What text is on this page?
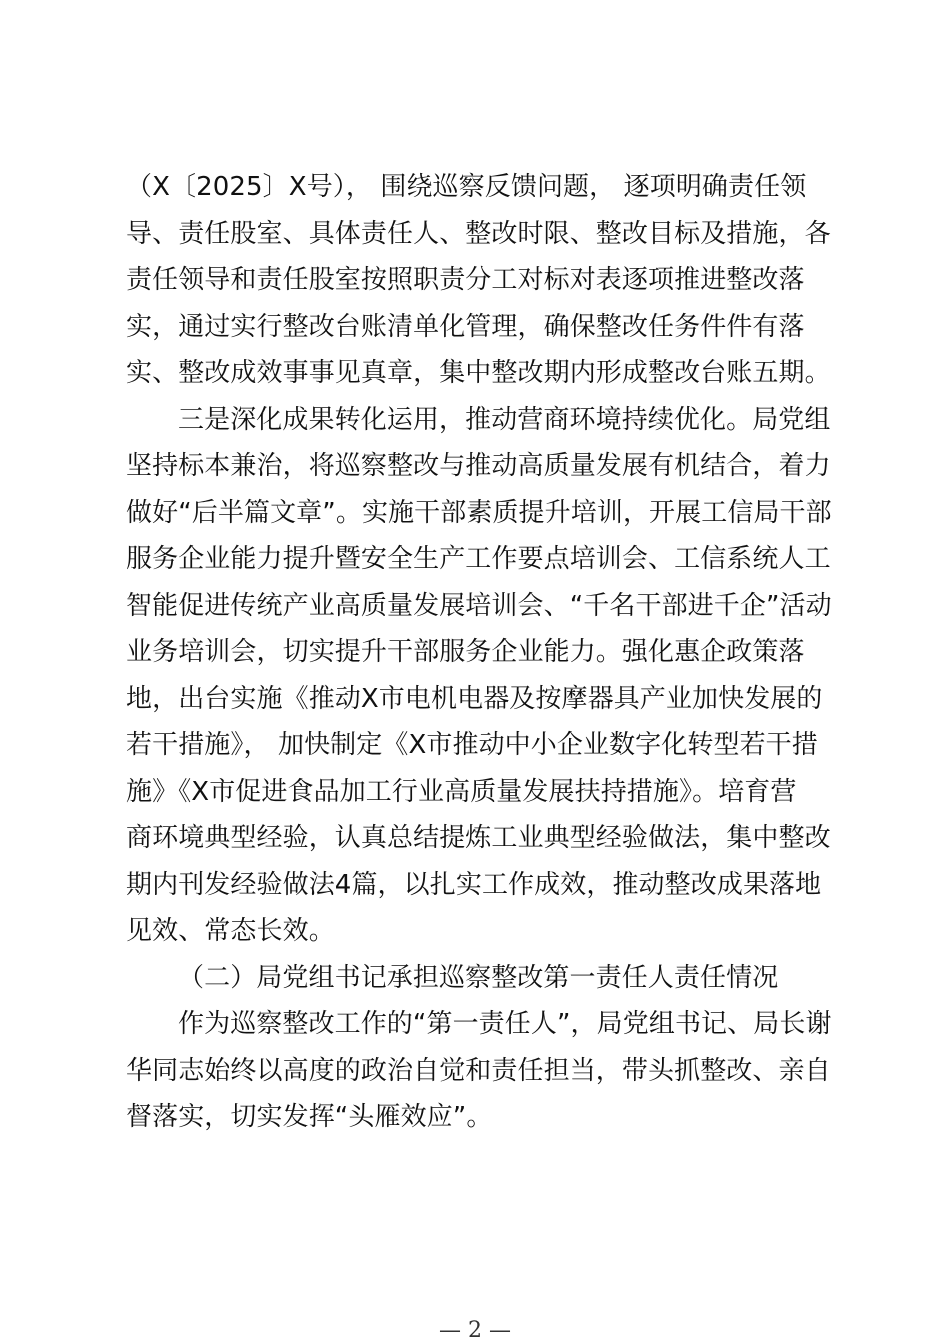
（X〔2025〕X号）， 围绕巡察反馈问题， 逐项明确责任领
导、责任股室、具体责任人、整改时限、整改目标及措施，各
责任领导和责任股室按照职责分工对标对表逐项推进整改落
实，通过实行整改台账清单化管理，确保整改任务件件有落
实、整改成效事事见真章，集中整改期内形成整改台账五期。
三是深化成果转化运用，推动营商环境持续优化。局党组
坚持标本兼治，将巡察整改与推动高质量发展有机结合，着力
做好“后半篇文章”。实施干部素质提升培训，开展工信局干部
服务企业能力提升暨安全生产工作要点培训会、工信系统人工
智能促进传统产业高质量发展培训会、“千名干部进千企”活动
业务培训会，切实提升干部服务企业能力。强化惠企政策落
地，出台实施《推动X市电机电器及按摩器具产业加快发展的
若干措施》， 加快制定《X市推动中小企业数字化转型若干措
施》《X市促进食品加工行业高质量发展扶持措施》。培育营
商环境典型经验，认真总结提炼工业典型经验做法，集中整改
期内刊发经验做法4篇，以扎实工作成效，推动整改成果落地
见效、常态长效。
（二）局党组书记承担巡察整改第一责任人责任情况
作为巡察整改工作的“第一责任人”，局党组书记、局长谢
华同志始终以高度的政治自觉和责任担当，带头抓整改、亲自
督落实，切实发挥“头雁效应”。
— 2 —
